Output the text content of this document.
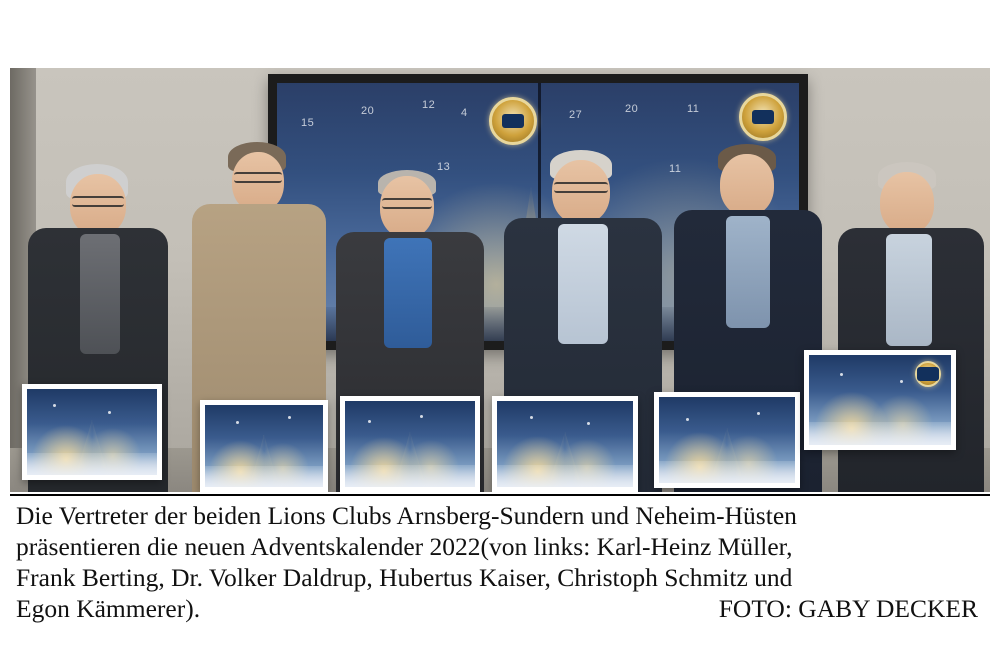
15
20	12
4
13
27	20	11
11
Die Vertreter der beiden Lions Clubs Arnsberg-Sundern und Neheim-Hüsten
präsentieren die neuen Adventskalender 2022(von links: Karl-Heinz Müller,
Frank Berting, Dr. Volker Daldrup, Hubertus Kaiser, Christoph Schmitz und
Egon Kämmerer).	FOTO: GABY DECKER
